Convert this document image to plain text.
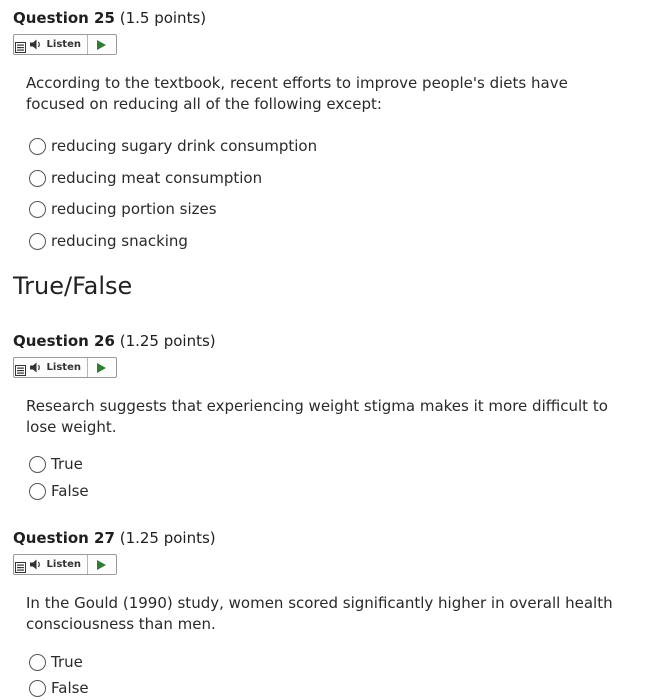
Question 25 (1.5 points)
Listen
According to the textbook, recent efforts to improve people's diets have focused on reducing all of the following except:
reducing sugary drink consumption
reducing meat consumption
reducing portion sizes
reducing snacking
True/False
Question 26 (1.25 points)
Listen
Research suggests that experiencing weight stigma makes it more difficult to lose weight.
True
False
Question 27 (1.25 points)
Listen
In the Gould (1990) study, women scored significantly higher in overall health consciousness than men.
True
False
